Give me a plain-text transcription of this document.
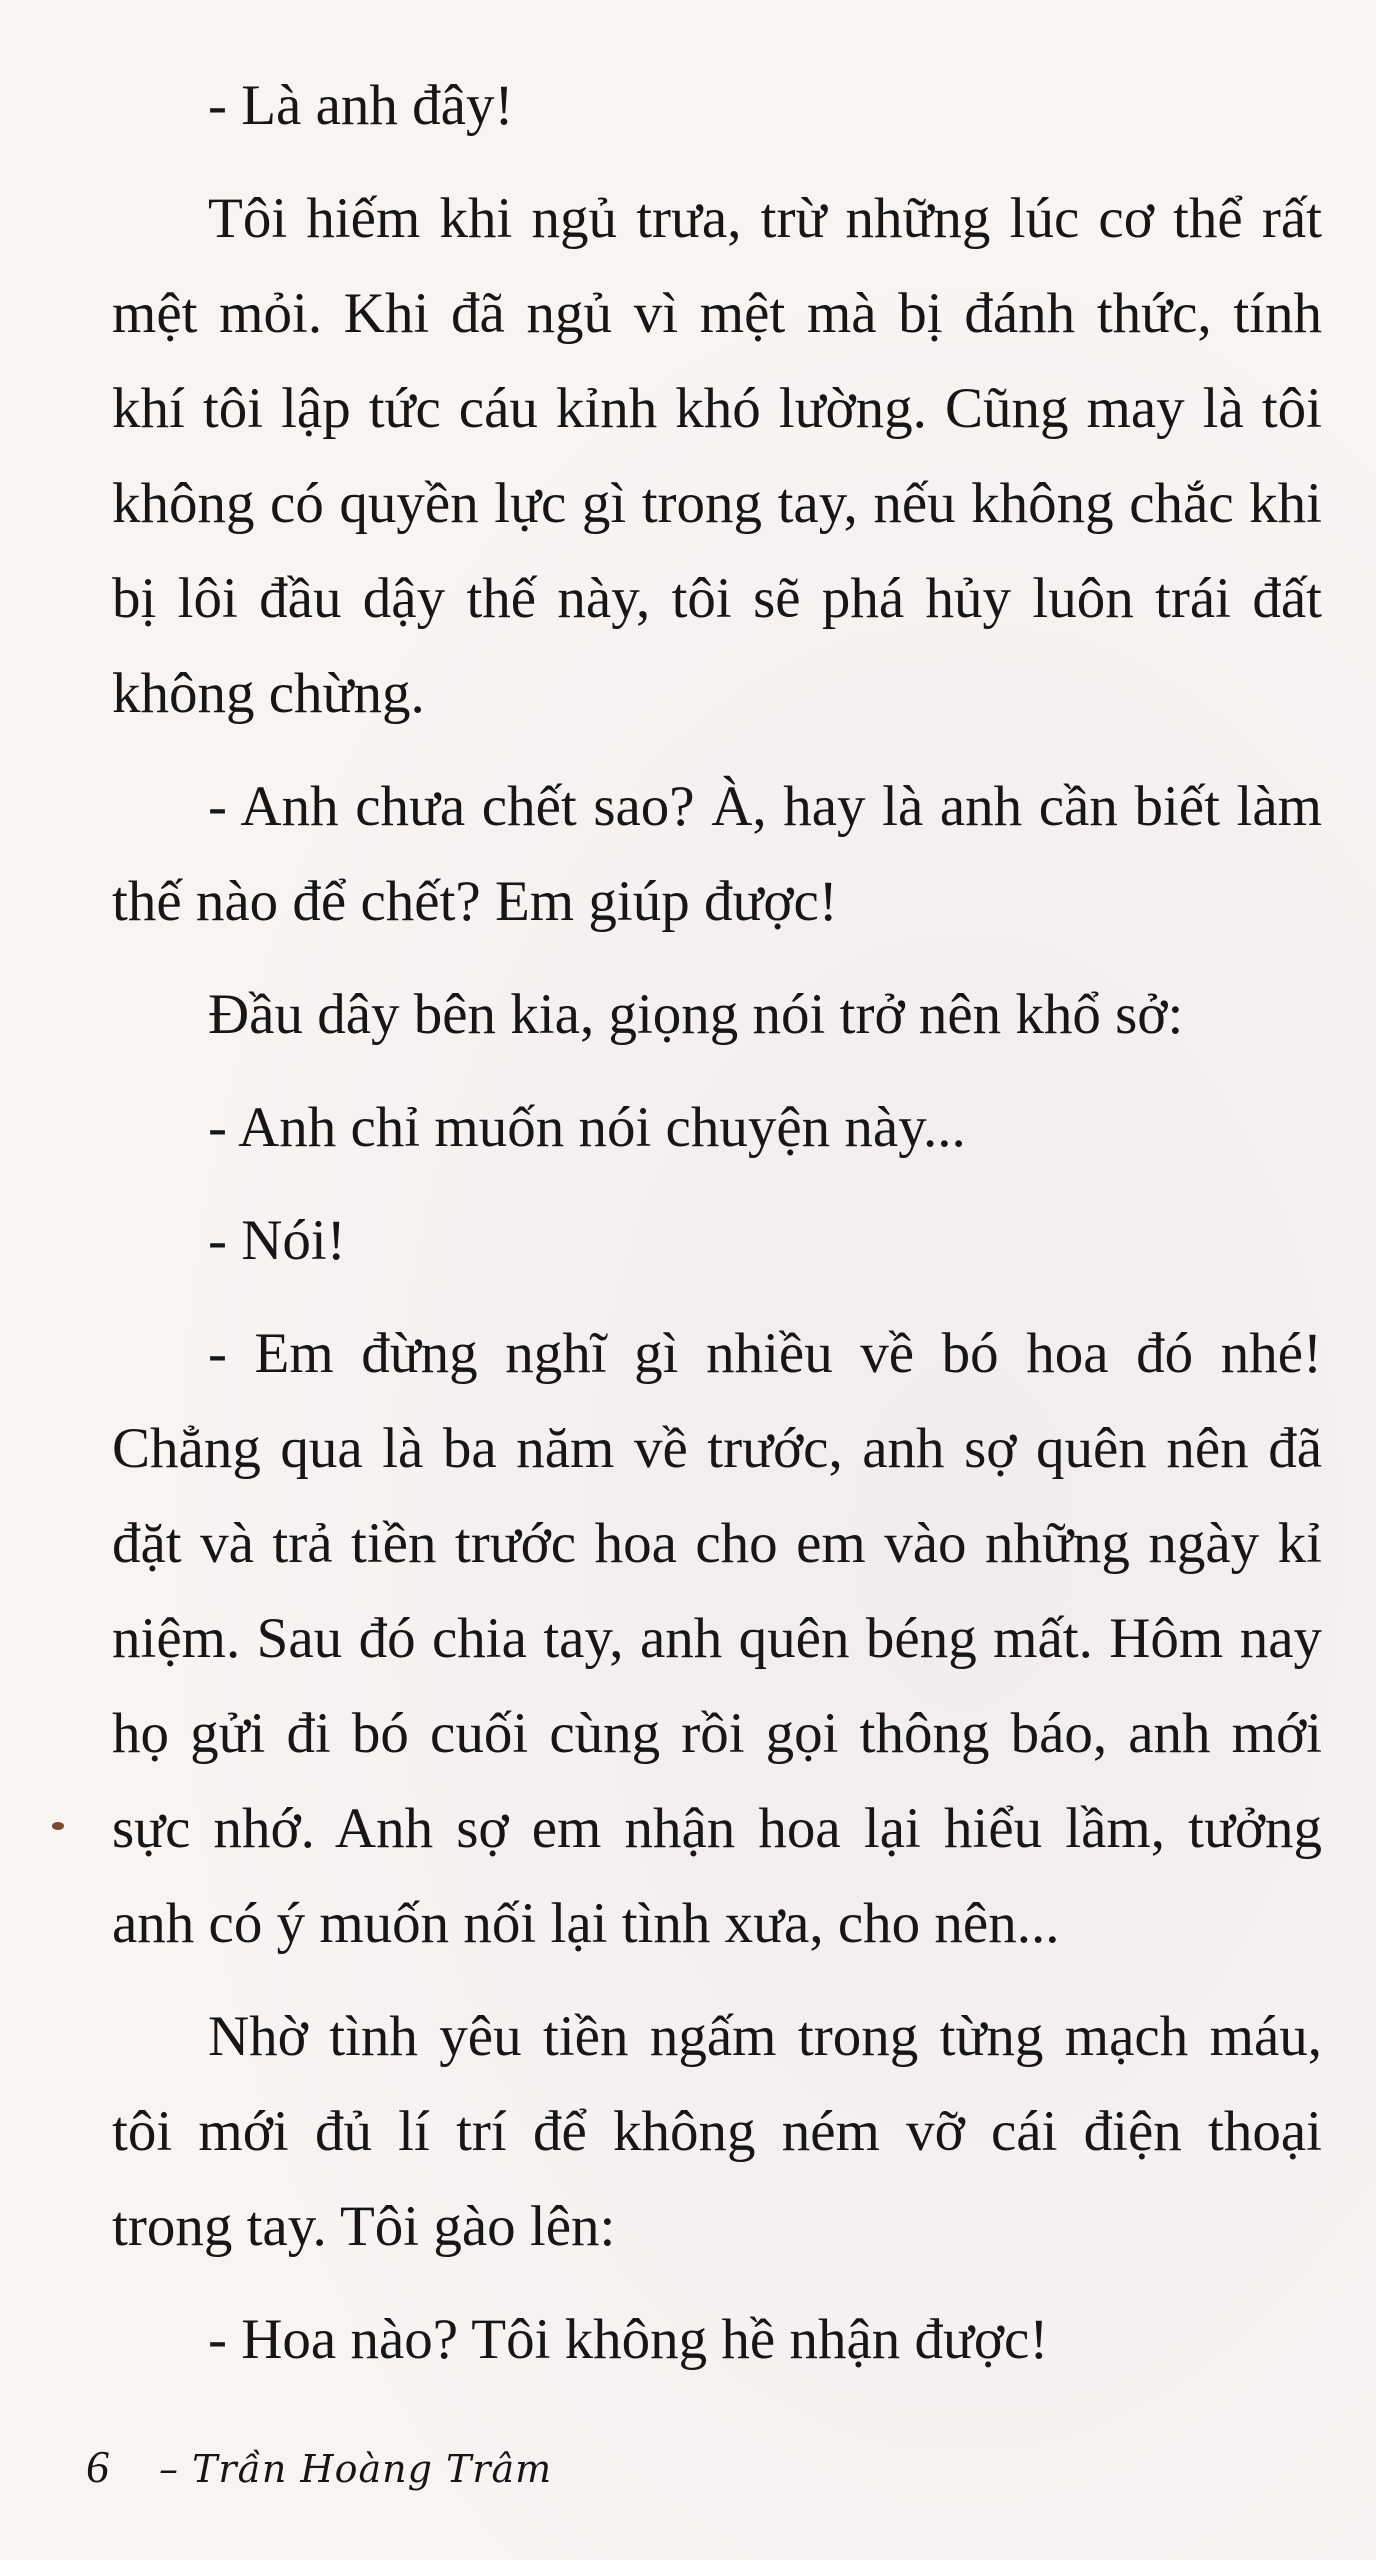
- Là anh đây!

Tôi hiếm khi ngủ trưa, trừ những lúc cơ thể rất mệt mỏi. Khi đã ngủ vì mệt mà bị đánh thức, tính khí tôi lập tức cáu kỉnh khó lường. Cũng may là tôi không có quyền lực gì trong tay, nếu không chắc khi bị lôi đầu dậy thế này, tôi sẽ phá hủy luôn trái đất không chừng.

- Anh chưa chết sao? À, hay là anh cần biết làm thế nào để chết? Em giúp được!

Đầu dây bên kia, giọng nói trở nên khổ sở:

- Anh chỉ muốn nói chuyện này...

- Nói!

- Em đừng nghĩ gì nhiều về bó hoa đó nhé! Chẳng qua là ba năm về trước, anh sợ quên nên đã đặt và trả tiền trước hoa cho em vào những ngày kỉ niệm. Sau đó chia tay, anh quên béng mất. Hôm nay họ gửi đi bó cuối cùng rồi gọi thông báo, anh mới sực nhớ. Anh sợ em nhận hoa lại hiểu lầm, tưởng anh có ý muốn nối lại tình xưa, cho nên...

Nhờ tình yêu tiền ngấm trong từng mạch máu, tôi mới đủ lí trí để không ném vỡ cái điện thoại trong tay. Tôi gào lên:

- Hoa nào? Tôi không hề nhận được!

6 – Trần Hoàng Trâm
